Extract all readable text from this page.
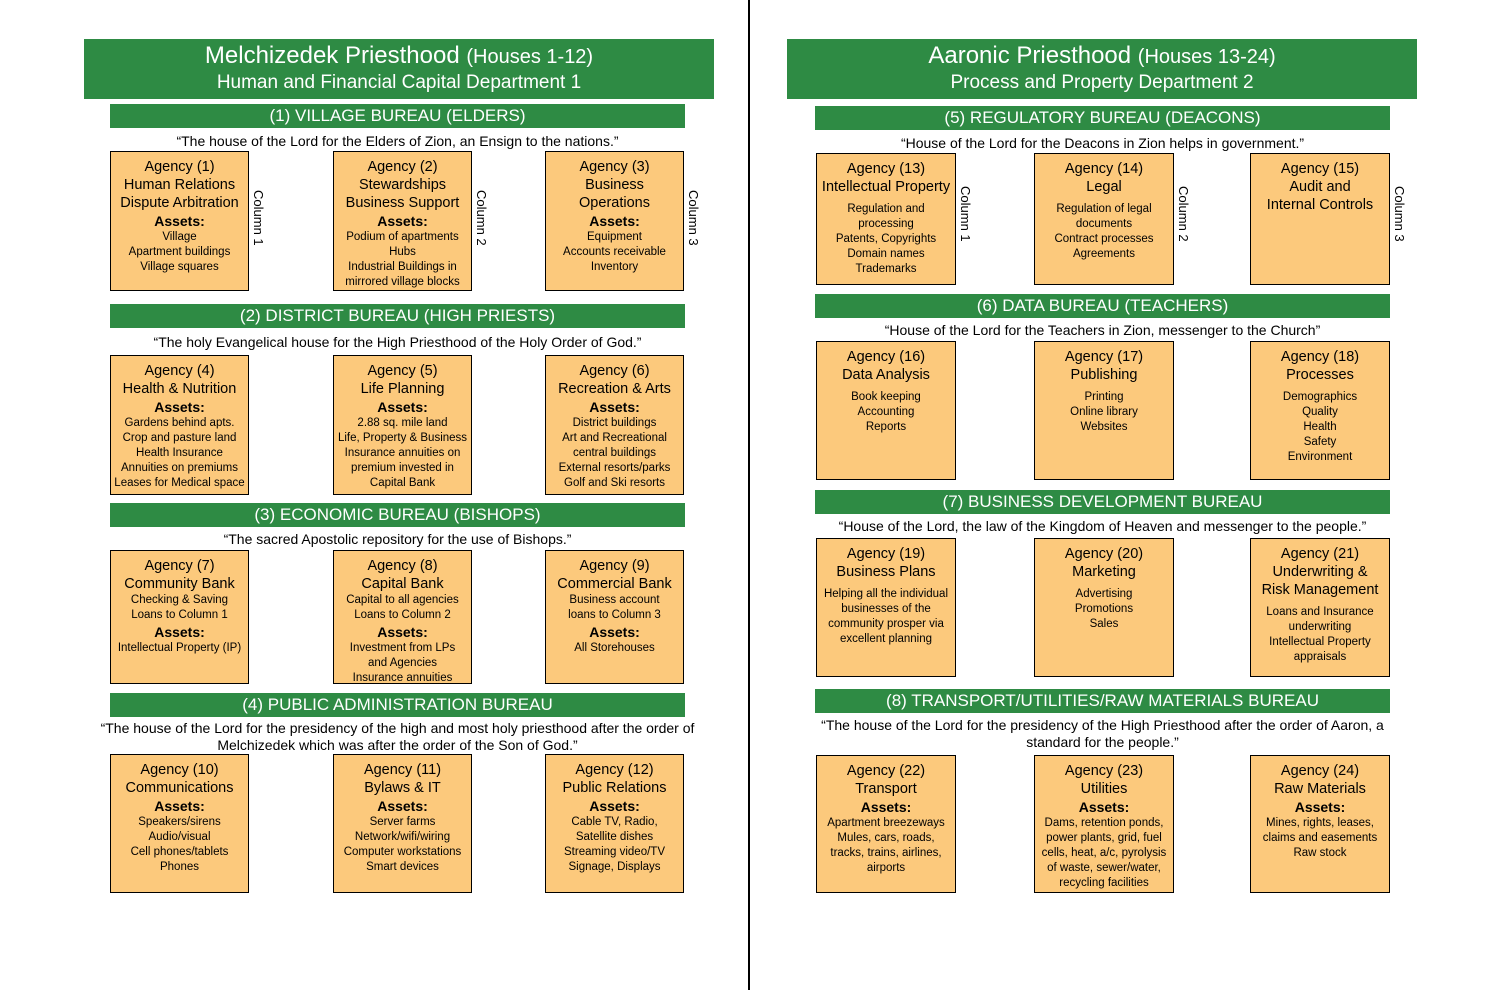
Melchizedek Priesthood (Houses 1-12)
Human and Financial Capital Department 1
Aaronic Priesthood (Houses 13-24)
Process and Property Department 2
Column 1	Column 2	Column 3
(1) VILLAGE BUREAU (ELDERS)
“The house of the Lord for the Elders of Zion, an Ensign to the nations.”
Agency (1)
Human Relations
Dispute Arbitration
Assets:
Village
Apartment buildings
Village squares
Agency (2)
Stewardships
Business Support
Assets:
Podium of apartments
Hubs
Industrial Buildings in
mirrored village blocks
Agency (3)
Business
Operations
Assets:
Equipment
Accounts receivable
Inventory
(2) DISTRICT BUREAU (HIGH PRIESTS)
“The holy Evangelical house for the High Priesthood of the Holy Order of God.”
Agency (4)
Health & Nutrition
Assets:
Gardens behind apts.
Crop and pasture land
Health Insurance
Annuities on premiums
Leases for Medical space
Agency (5)
Life Planning
Assets:
2.88 sq. mile land
Life, Property & Business
Insurance annuities on
premium invested in
Capital Bank
Agency (6)
Recreation & Arts
Assets:
District buildings
Art and Recreational
central buildings
External resorts/parks
Golf and Ski resorts
(3) ECONOMIC BUREAU (BISHOPS)
“The sacred Apostolic repository for the use of Bishops.”
Agency (7)
Community Bank
Checking & Saving
Loans to Column 1
Assets:
Intellectual Property (IP)
Agency (8)
Capital Bank
Capital to all agencies
Loans to Column 2
Assets:
Investment from LPs
and Agencies
Insurance annuities
Agency (9)
Commercial Bank
Business account
loans to Column 3
Assets:
All Storehouses
(4) PUBLIC ADMINISTRATION BUREAU
“The house of the Lord for the presidency of the high and most holy priesthood after the order of Melchizedek which was after the order of the Son of God.”
Agency (10)
Communications
Assets:
Speakers/sirens
Audio/visual
Cell phones/tablets
Phones
Agency (11)
Bylaws & IT
Assets:
Server farms
Network/wifi/wiring
Computer workstations
Smart devices
Agency (12)
Public Relations
Assets:
Cable TV, Radio,
Satellite dishes
Streaming video/TV
Signage, Displays
Column 1	Column 2	Column 3
(5) REGULATORY BUREAU (DEACONS)
“House of the Lord for the Deacons in Zion helps in government.”
Agency (13)
Intellectual Property
Regulation and
processing
Patents, Copyrights
Domain names
Trademarks
Agency (14)
Legal
Regulation of legal
documents
Contract processes
Agreements
Agency (15)
Audit and
Internal Controls
(6) DATA BUREAU (TEACHERS)
“House of the Lord for the Teachers in Zion, messenger to the Church”
Agency (16)
Data Analysis
Book keeping
Accounting
Reports
Agency (17)
Publishing
Printing
Online library
Websites
Agency (18)
Processes
Demographics
Quality
Health
Safety
Environment
(7) BUSINESS DEVELOPMENT BUREAU
“House of the Lord, the law of the Kingdom of Heaven and messenger to the people.”
Agency (19)
Business Plans
Helping all the individual
businesses of the
community prosper via
excellent planning
Agency (20)
Marketing
Advertising
Promotions
Sales
Agency (21)
Underwriting &
Risk Management
Loans and Insurance
underwriting
Intellectual Property
appraisals
(8) TRANSPORT/UTILITIES/RAW MATERIALS BUREAU
“The house of the Lord for the presidency of the High Priesthood after the order of Aaron, a standard for the people.”
Agency (22)
Transport
Assets:
Apartment breezeways
Mules, cars, roads,
tracks, trains, airlines,
airports
Agency (23)
Utilities
Assets:
Dams, retention ponds,
power plants, grid, fuel
cells, heat, a/c, pyrolysis
of waste, sewer/water,
recycling facilities
Agency (24)
Raw Materials
Assets:
Mines, rights, leases,
claims and easements
Raw stock
